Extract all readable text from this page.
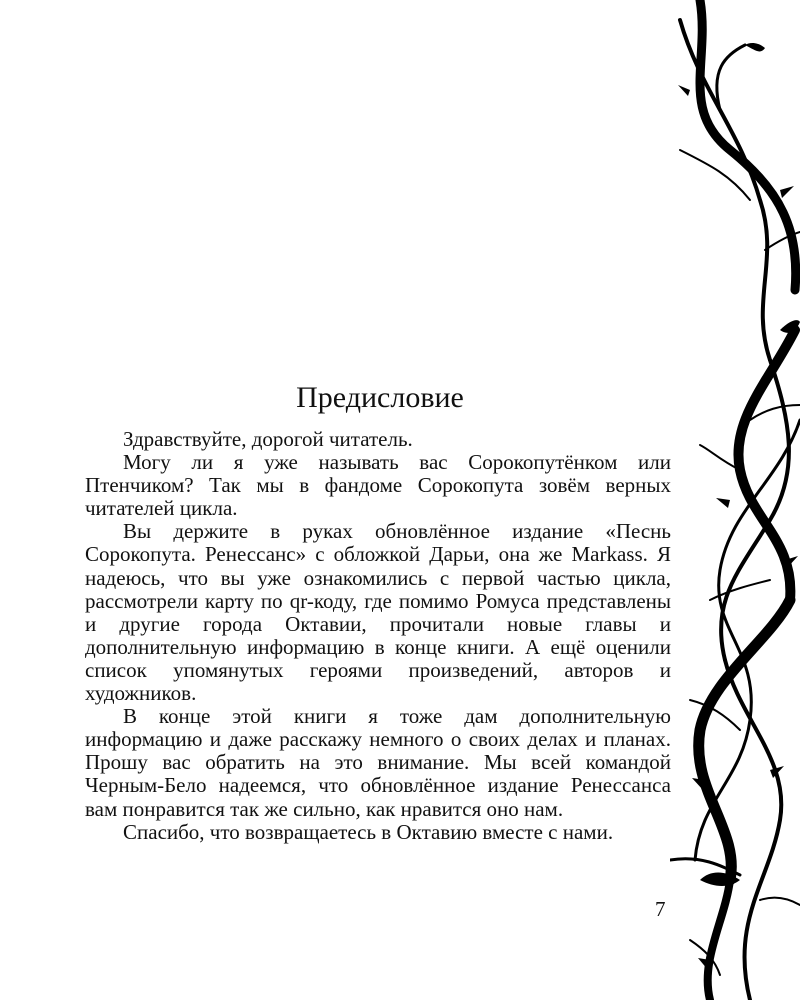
Предисловие

Здравствуйте, дорогой читатель.

Могу ли я уже называть вас Сорокопутёнком или Птенчиком? Так мы в фандоме Сорокопута зовём верных читателей цикла.

Вы держите в руках обновлённое издание «Песнь Сорокопута. Ренессанс» с обложкой Дарьи, она же Markass. Я надеюсь, что вы уже ознакомились с первой частью цикла, рассмотрели карту по qr-коду, где помимо Ромуса представлены и другие города Октавии, прочитали новые главы и дополнительную информацию в конце книги. А ещё оценили список упомянутых героями произведений, авторов и художников.

В конце этой книги я тоже дам дополнительную информацию и даже расскажу немного о своих делах и планах. Прошу вас обратить на это внимание. Мы всей командой Черным-Бело надеемся, что обновлённое издание Ренессанса вам понравится так же сильно, как нравится оно нам.

Спасибо, что возвращаетесь в Октавию вместе с нами.

7
